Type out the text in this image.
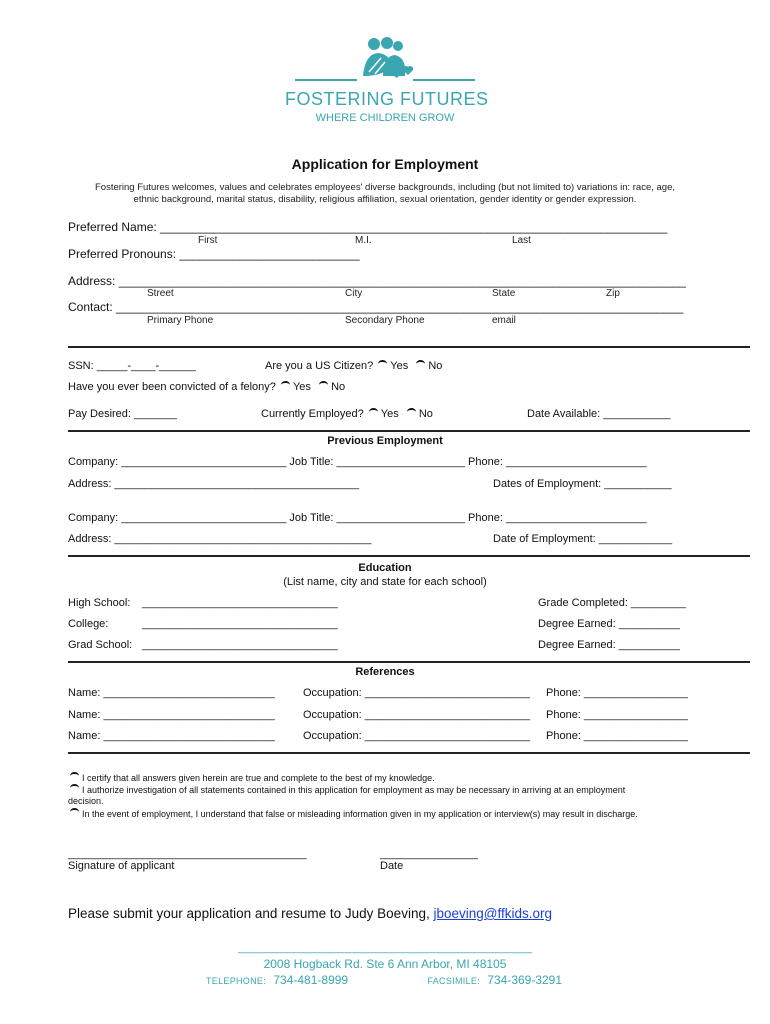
FOSTERING FUTURES
WHERE CHILDREN GROW
Application for Employment
Fostering Futures welcomes, values and celebrates employees' diverse backgrounds, including (but not limited to) variations in: race, age,
ethnic background, marital status, disability, religious affiliation, sexual orientation, gender identity or gender expression.
Preferred Name: ____________________________________________________________________________
First	M.I.	Last
Preferred Pronouns: ___________________________
Address: _____________________________________________________________________________________
Street	City	State	Zip
Contact: _____________________________________________________________________________________
Primary Phone	Secondary Phone	email
SSN: _____-____-______	Are you a US Citizen? Yes No
Have you ever been convicted of a felony? Yes No
Pay Desired: _______	Currently Employed? Yes No	Date Available: ___________
Previous Employment
Company: ___________________________ Job Title: _____________________ Phone: _______________________
Address: ________________________________________	Dates of Employment: ___________
Company: ___________________________ Job Title: _____________________ Phone: _______________________
Address: __________________________________________	Date of Employment: ____________
Education
(List name, city and state for each school)
High School: ________________________________	Grade Completed: _________
College:	________________________________	Degree Earned: __________
Grad School: ________________________________	Degree Earned: __________
References
Name: ____________________________	Occupation: ___________________________ Phone: _________________
Name: ____________________________	Occupation: ___________________________ Phone: _________________
Name: ____________________________	Occupation: ___________________________ Phone: _________________
I certify that all answers given herein are true and complete to the best of my knowledge.
I authorize investigation of all statements contained in this application for employment as may be necessary in arriving at an employment
decision.
In the event of employment, I understand that false or misleading information given in my application or interview(s) may result in discharge.
_______________________________________
Signature of applicant
________________
Date
Please submit your application and resume to Judy Boeving, jboeving@ffkids.org
________________________________________________
2008 Hogback Rd. Ste 6 Ann Arbor, MI 48105
TELEPHONE: 734-481-8999	FACSIMILE: 734-369-3291
